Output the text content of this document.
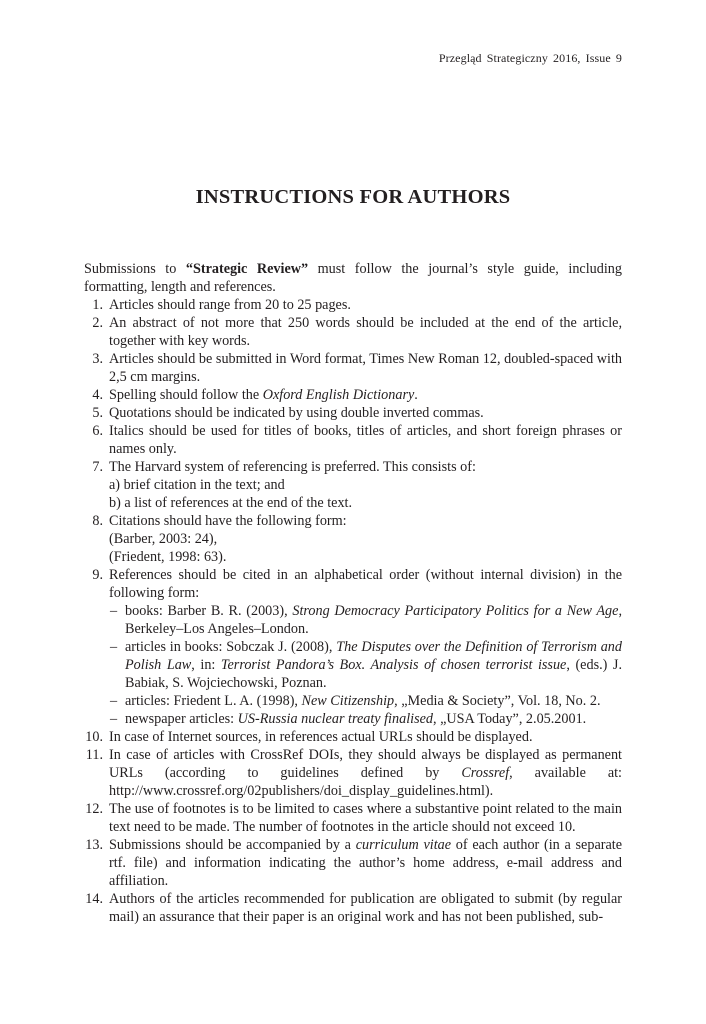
Przegląd Strategiczny 2016, Issue 9
INSTRUCTIONS FOR AUTHORS

Submissions to “Strategic Review” must follow the journal’s style guide, including formatting, length and references.

1. Articles should range from 20 to 25 pages.
2. An abstract of not more that 250 words should be included at the end of the article, together with key words.
3. Articles should be submitted in Word format, Times New Roman 12, doubled-spaced with 2,5 cm margins.
4. Spelling should follow the Oxford English Dictionary.
5. Quotations should be indicated by using double inverted commas.
6. Italics should be used for titles of books, titles of articles, and short foreign phrases or names only.
7. The Harvard system of referencing is preferred. This consists of:
a) brief citation in the text; and
b) a list of references at the end of the text.
8. Citations should have the following form:
(Barber, 2003: 24),
(Friedent, 1998: 63).
9. References should be cited in an alphabetical order (without internal division) in the following form:
– books: Barber B. R. (2003), Strong Democracy Participatory Politics for a New Age, Berkeley–Los Angeles–London.
– articles in books: Sobczak J. (2008), The Disputes over the Definition of Terrorism and Polish Law, in: Terrorist Pandora’s Box. Analysis of chosen terrorist issue, (eds.) J. Babiak, S. Wojciechowski, Poznan.
– articles: Friedent L. A. (1998), New Citizenship, „Media & Society”, Vol. 18, No. 2.
– newspaper articles: US-Russia nuclear treaty finalised, „USA Today”, 2.05.2001.
10. In case of Internet sources, in references actual URLs should be displayed.
11. In case of articles with CrossRef DOIs, they should always be displayed as permanent URLs (according to guidelines defined by Crossref, available at: http://www.crossref.org/02publishers/doi_display_guidelines.html).
12. The use of footnotes is to be limited to cases where a substantive point related to the main text need to be made. The number of footnotes in the article should not exceed 10.
13. Submissions should be accompanied by a curriculum vitae of each author (in a separate rtf. file) and information indicating the author’s home address, e-mail address and affiliation.
14. Authors of the articles recommended for publication are obligated to submit (by regular mail) an assurance that their paper is an original work and has not been published, sub-
